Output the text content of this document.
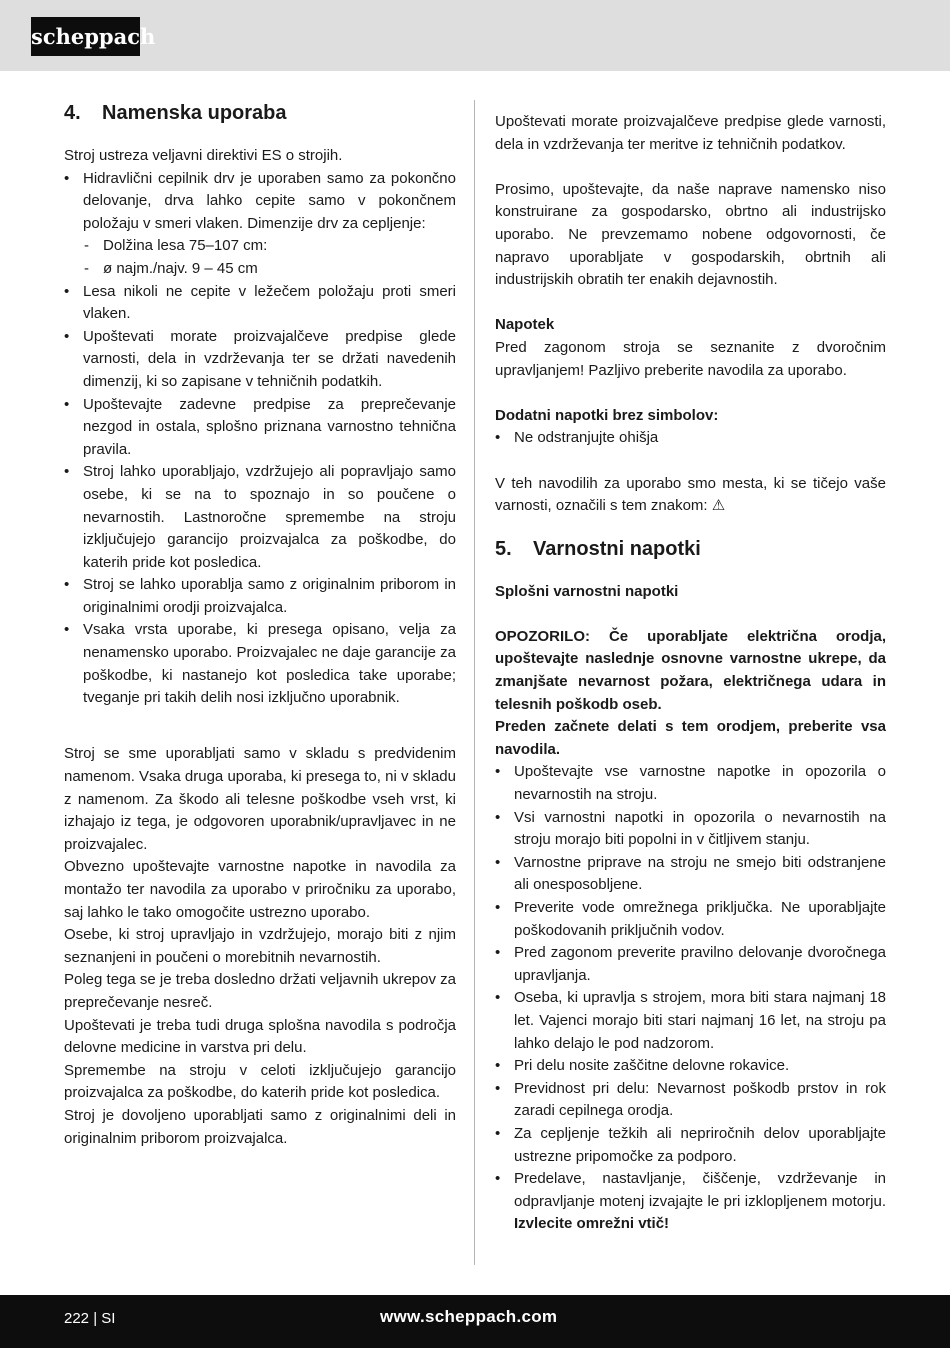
scheppach
4.	Namenska uporaba

Stroj ustreza veljavni direktivi ES o strojih.

• Hidravlični cepilnik drv je uporaben samo za pokončno delovanje, drva lahko cepite samo v pokončnem položaju v smeri vlaken. Dimenzije drv za cepljenje:
- Dolžina lesa 75–107 cm:
- ø najm./najv. 9 – 45 cm
• Lesa nikoli ne cepite v ležečem položaju proti smeri vlaken.
• Upoštevati morate proizvajalčeve predpise glede varnosti, dela in vzdrževanja ter se držati navedenih dimenzij, ki so zapisane v tehničnih podatkih.
• Upoštevajte zadevne predpise za preprečevanje nezgod in ostala, splošno priznana varnostno tehnična pravila.
• Stroj lahko uporabljajo, vzdržujejo ali popravljajo samo osebe, ki se na to spoznajo in so poučene o nevarnostih. Lastnoročne spremembe na stroju izključujejo garancijo proizvajalca za poškodbe, do katerih pride kot posledica.
• Stroj se lahko uporablja samo z originalnim priborom in originalnimi orodji proizvajalca.
• Vsaka vrsta uporabe, ki presega opisano, velja za nenamensko uporabo. Proizvajalec ne daje garancije za poškodbe, ki nastanejo kot posledica take uporabe; tveganje pri takih delih nosi izključno uporabnik.

Stroj se sme uporabljati samo v skladu s predvidenim namenom. Vsaka druga uporaba, ki presega to, ni v skladu z namenom. Za škodo ali telesne poškodbe vseh vrst, ki izhajajo iz tega, je odgovoren uporabnik/upravljavec in ne proizvajalec.

Obvezno upoštevajte varnostne napotke in navodila za montažo ter navodila za uporabo v priročniku za uporabo, saj lahko le tako omogočite ustrezno uporabo.

Osebe, ki stroj upravljajo in vzdržujejo, morajo biti z njim seznanjeni in poučeni o morebitnih nevarnostih.

Poleg tega se je treba dosledno držati veljavnih ukrepov za preprečevanje nesreč.

Upoštevati je treba tudi druga splošna navodila s področja delovne medicine in varstva pri delu.

Spremembe na stroju v celoti izključujejo garancijo proizvajalca za poškodbe, do katerih pride kot posledica.

Stroj je dovoljeno uporabljati samo z originalnimi deli in originalnim priborom proizvajalca.

Upoštevati morate proizvajalčeve predpise glede varnosti, dela in vzdrževanja ter meritve iz tehničnih podatkov.

Prosimo, upoštevajte, da naše naprave namensko niso konstruirane za gospodarsko, obrtno ali industrijsko uporabo. Ne prevzemamo nobene odgovornosti, če napravo uporabljate v gospodarskih, obrtnih ali industrijskih obratih ter enakih dejavnostih.

Napotek

Pred zagonom stroja se seznanite z dvoročnim upravljanjem! Pazljivo preberite navodila za uporabo.

Dodatni napotki brez simbolov:

• Ne odstranjujte ohišja

V teh navodilih za uporabo smo mesta, ki se tičejo vaše varnosti, označili s tem znakom: ⚠

5.	Varnostni napotki

Splošni varnostni napotki

OPOZORILO: Če uporabljate električna orodja, upoštevajte naslednje osnovne varnostne ukrepe, da zmanjšate nevarnost požara, električnega udara in telesnih poškodb oseb.

Preden začnete delati s tem orodjem, preberite vsa navodila.

• Upoštevajte vse varnostne napotke in opozorila o nevarnostih na stroju.
• Vsi varnostni napotki in opozorila o nevarnostih na stroju morajo biti popolni in v čitljivem stanju.
• Varnostne priprave na stroju ne smejo biti odstranjene ali onesposobljene.
• Preverite vode omrežnega priključka. Ne uporabljajte poškodovanih priključnih vodov.
• Pred zagonom preverite pravilno delovanje dvoročnega upravljanja.
• Oseba, ki upravlja s strojem, mora biti stara najmanj 18 let. Vajenci morajo biti stari najmanj 16 let, na stroju pa lahko delajo le pod nadzorom.
• Pri delu nosite zaščitne delovne rokavice.
• Previdnost pri delu: Nevarnost poškodb prstov in rok zaradi cepilnega orodja.
• Za cepljenje težkih ali nepriročnih delov uporabljajte ustrezne pripomočke za podporo.
• Predelave, nastavljanje, čiščenje, vzdrževanje in odpravljanje motenj izvajajte le pri izklopljenem motorju. Izvlecite omrežni vtič!
222 | SI	www.scheppach.com
